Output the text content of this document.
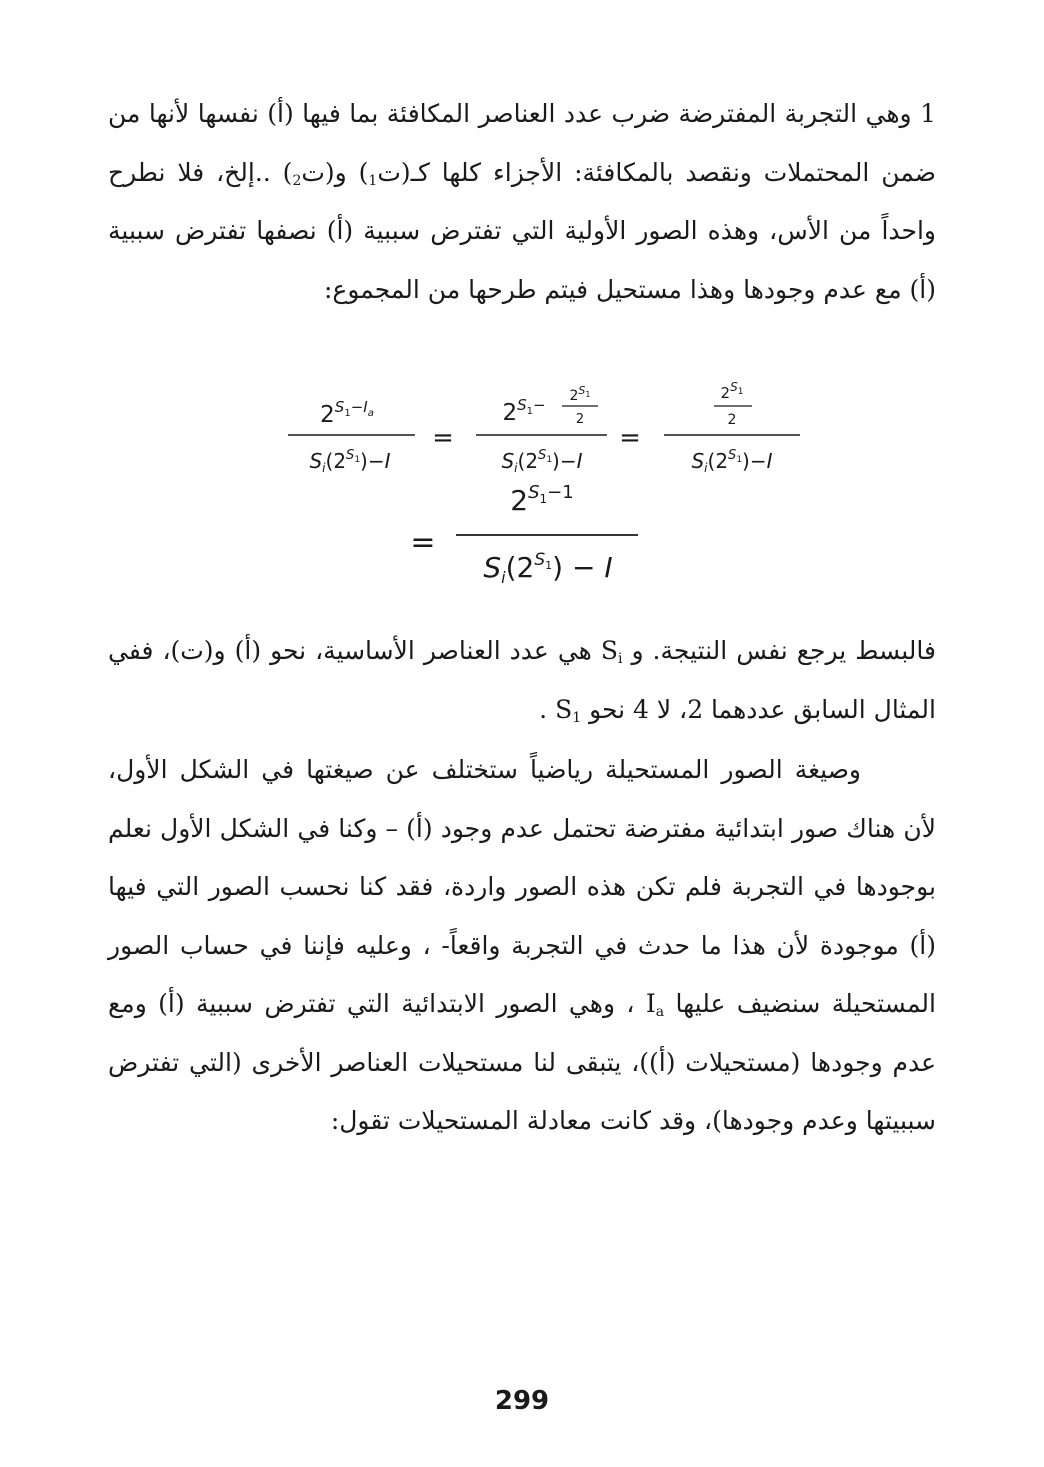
1 وهي التجربة المفترضة ضرب عدد العناصر المكافئة بما فيها (أ) نفسها لأنها من ضمن المحتملات ونقصد بالمكافئة: الأجزاء كلها كـ(ت$_1$) و(ت$_2$) ..إلخ، فلا نطرح واحداً من الأس، وهذه الصور الأولية التي تفترض سببية (أ) نصفها تفترض سببية (أ) مع عدم وجودها وهذا مستحيل فيتم طرحها من المجموع:

$2^S1-Ia$
$S_i(2^S1)-I$
=
$2^S1- 2^S_1$
2
$S_i(2^S1)-I$
=
$2^S_1$
2
$S_i(2^S1)-I$
=
$2^S1-1$
$S_i(2^S1) - I$

فالبسط يرجع نفس النتيجة. و $S_i$ هي عدد العناصر الأساسية، نحو (أ) و(ت)، ففي المثال السابق عددهما 2، لا 4 نحو $S_1$ .

   وصيغة الصور المستحيلة رياضياً ستختلف عن صيغتها في الشكل الأول، لأن هناك صور ابتدائية مفترضة تحتمل عدم وجود (أ) – وكنا في الشكل الأول نعلم بوجودها في التجربة فلم تكن هذه الصور واردة، فقد كنا نحسب الصور التي فيها (أ) موجودة لأن هذا ما حدث في التجربة واقعاً- ، وعليه فإننا في حساب الصور المستحيلة سنضيف عليها $I_a$ ، وهي الصور الابتدائية التي تفترض سببية (أ) ومع عدم وجودها (مستحيلات (أ))، يتبقى لنا مستحيلات العناصر الأخرى (التي تفترض سببيتها وعدم وجودها)، وقد كانت معادلة المستحيلات تقول:

299
